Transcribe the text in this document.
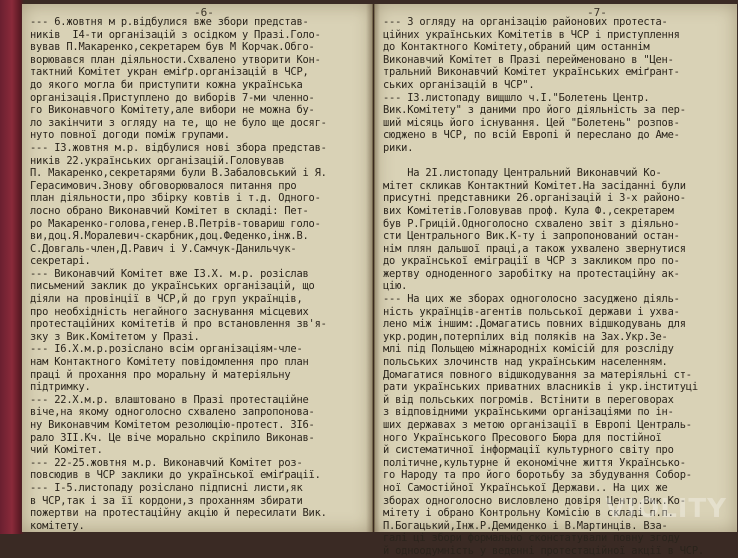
-6-
--- 6.жовтня м р.відбулися вже збори представ-
ників  I4-ти організацій з осідком у Празі.Голо-
вував П.Макаренко,секретарем був М Корчак.Обго-
ворювався план діяльности.Схвалено утворити Кон-
тактний Комітет укран еміґр.організацій в ЧСР,
до якого могла би приступити кожна українська
організація.Приступлено до виборів 7-ми членно-
го Виконавчого Комітету,але вибори не можна бу-
ло закінчити з огляду на те, що не було ще досяг-
нуто повної догоди поміж групами.
--- I3.жовтня м.р. відбулися нові збора представ-
ників 22.українських організацій.Головував
П. Макаренко,секретарями були В.Забаловський і Я.
Герасимович.Знову обговорювалося питання про
план діяльности,про збірку ковтів і т.д. Одного-
лосно обрано Виконавчий Комітет в складі: Пет-
ро Макаренко-голова,генер.В.Петрів-товариш голо-
ви,доц.Я.Моралевич-скарбник,доц.Феденко,інж.В.
С.Довгаль-член,Д.Равич і У.Самчук-Данильчук-
секретарі.
--- Виконавчий Комітет вже I3.X. м.р. розіслав
письмений заклик до українських організацій, що
діяли на провінції в ЧСР,й до груп українців,
про необхідність негайного заснування місцевих
протестаційних комітетів й про встановлення зв'я-
зку з Вик.Комітетом у Празі.
--- I6.Х.м.р.розіслано всім організаціям-чле-
нам Контактного Комітету повідомлення про план
праці й прохання про моральну й матеріяльну
підтримку.
--- 22.Х.м.р. влаштовано в Празі протестаційне
віче,на якому одноголосно схвалено запропонова-
ну Виконавчим Комітетом резолюцію-протест. 3I6-
рало 3II.Кч. Це віче морально скріпило Виконав-
чий Комітет.
--- 22-25.жовтня м.р. Виконавчий Комітет роз-
повсюдив в ЧСР заклики до української еміґрації.
--- I-5.листопаду розіслано підписні листи,як
в ЧСР,так і за її кордони,з проханням збирати
пожертви на протестаційну акцію й пересилати Вик.
комітету.
-7-
--- З огляду на організацію районових протеста-
ційних українських Комітетів в ЧСР і приступлення
до Контактного Комітету,обраний цим останнім
Виконавчий Комітет в Празі перейменовано в "Цен-
тральний Виконавчий Комітет українських еміґрант-
ських організацій в ЧСР".
--- I3.листопаду вищшло ч.I."Болетень Центр.
Вик.Комітету" з даними про його діяльність за пер-
ший місяць його існування. Цей "Болетень" розпов-
сюджено в ЧСР, по всій Европі й переслано до Аме-
рики.
На 2I.листопаду Центральний Виконавчий Ко-
мітет скликав Контактний Комітет.На засіданні були
присутні представники 26.організацій і 3-х районо-
вих Комітетів.Головував проф. Кула Ф.,секретарем
був Р.Грицій.Одноголосно схвалено звіт з діяльно-
сти Центрального Вик.К-ту і запропонований остан-
нім плян дальшої праці,а також ухвалено звернутися
до української еміграції в ЧСР з закликом про по-
жертву одноденного заробітку на протестаційну ак-
цію.
--- На цих же зборах одноголосно засуджено діяль-
ність українців-агентів польської держави і ухва-
лено між іншим:.Домагатись повних відшкодувань для
укр.родин,потерпілих від поляків на Зах.Укр.Зе-
млі під Польщею міжнародніх комісій для розсліду
польських злочинств над українським населенням.
Домагатися повного відшкодування за матеріяльні ст-
рати українських приватних власників і укр.інституці
й від польських погромів. Встінити в переговорах
з відповідними українськими організаціями по ін-
ших державах з метою організації в Европі Централь-
ного Українського Пресового Бюра для постійної
й систематичної інформації культурного світу про
політичне,культурне й економічне життя Українсько-
го Народу та про його боротьбу за збудування Собор-
ної Самостійної Української Держави.. На цих же
зборах одноголосно висловлено довіря Центр.Вик.Ко-
мітету і обрано Контрольну Комісію в складі п.п.
П.Богацький,Інж.Р.Демиденко і В.Мартинців. Вза-
галі ці збори формально сконстатували повну згоду
й одноодумність у веденні протестаційної акції в ЧСР.
VIOLITY
